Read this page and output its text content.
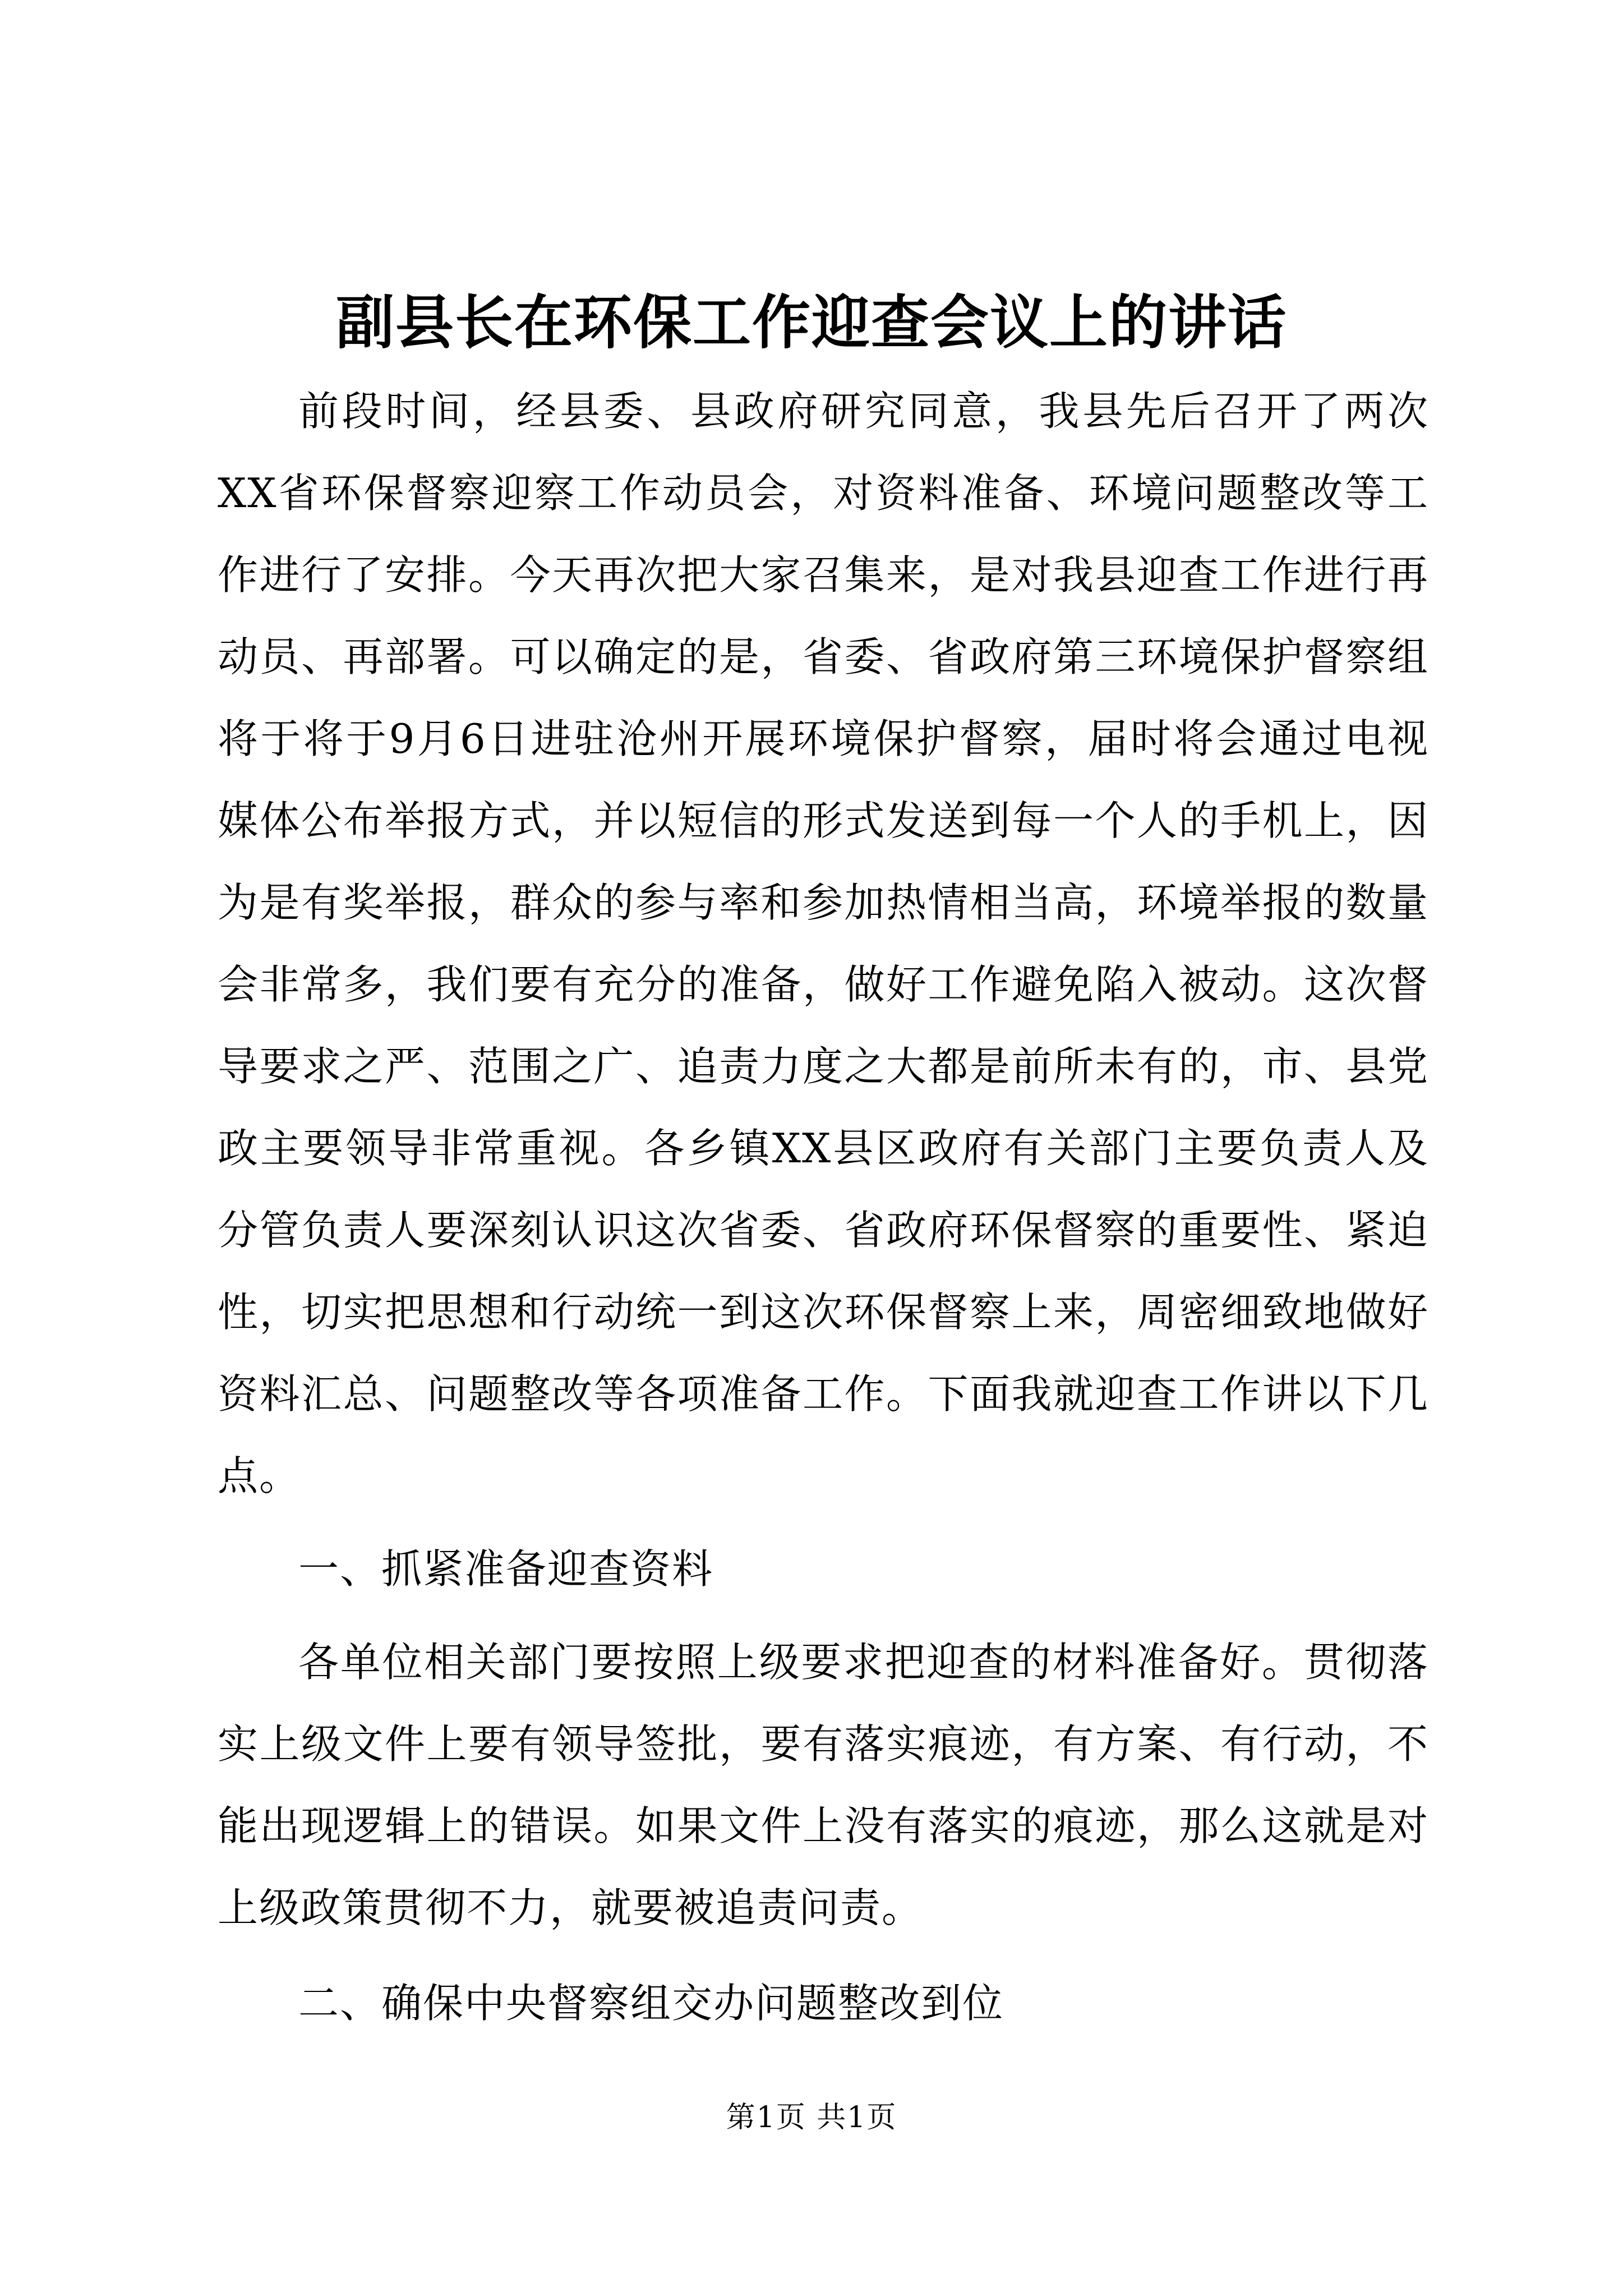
副县长在环保工作迎查会议上的讲话

前段时间，经县委、县政府研究同意，我县先后召开了两次XX省环保督察迎察工作动员会，对资料准备、环境问题整改等工作进行了安排。今天再次把大家召集来，是对我县迎查工作进行再动员、再部署。可以确定的是，省委、省政府第三环境保护督察组将于将于9月6日进驻沧州开展环境保护督察，届时将会通过电视媒体公布举报方式，并以短信的形式发送到每一个人的手机上，因为是有奖举报，群众的参与率和参加热情相当高，环境举报的数量会非常多，我们要有充分的准备，做好工作避免陷入被动。这次督导要求之严、范围之广、追责力度之大都是前所未有的，市、县党政主要领导非常重视。各乡镇XX县区政府有关部门主要负责人及分管负责人要深刻认识这次省委、省政府环保督察的重要性、紧迫性，切实把思想和行动统一到这次环保督察上来，周密细致地做好资料汇总、问题整改等各项准备工作。下面我就迎查工作讲以下几点。

一、抓紧准备迎查资料

各单位相关部门要按照上级要求把迎查的材料准备好。贯彻落实上级文件上要有领导签批，要有落实痕迹，有方案、有行动，不能出现逻辑上的错误。如果文件上没有落实的痕迹，那么这就是对上级政策贯彻不力，就要被追责问责。

二、确保中央督察组交办问题整改到位

第1页 共1页
